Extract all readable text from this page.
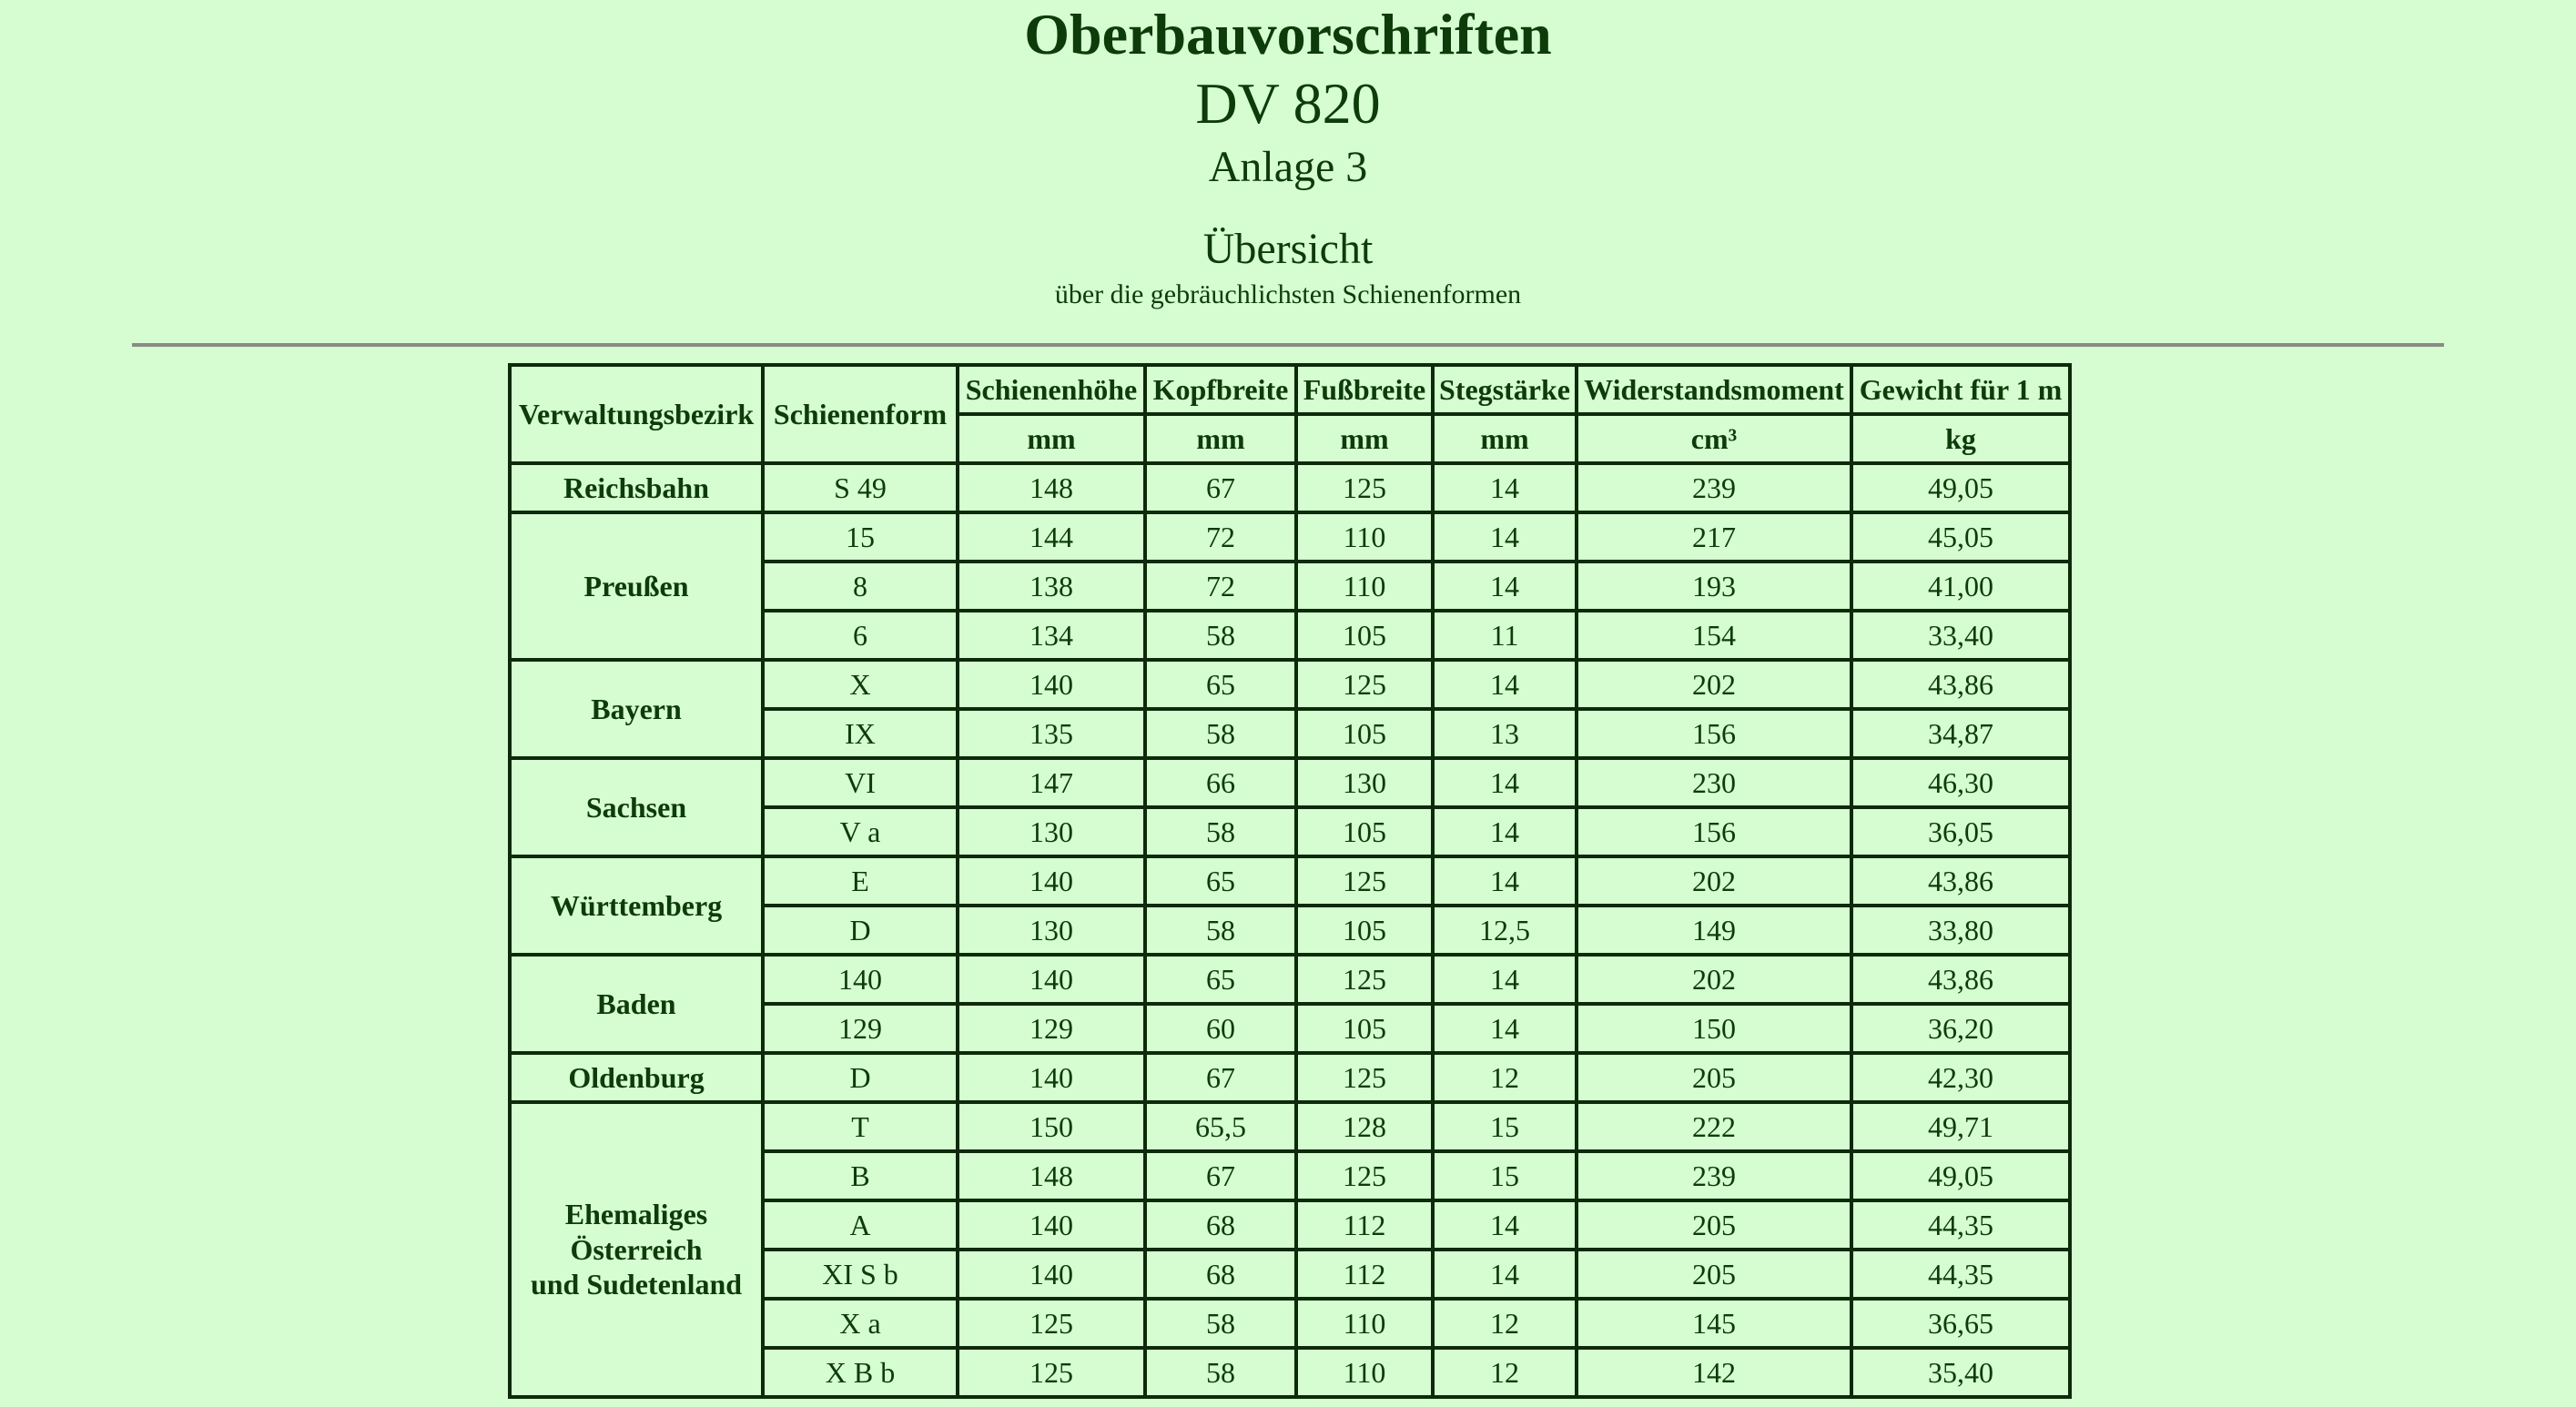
Oberbauvorschriften
DV 820
Anlage 3
Übersicht
über die gebräuchlichsten Schienenformen
Verwaltungsbezirk	Schienenform	Schienenhöhe	Kopfbreite	Fußbreite	Stegstärke	Widerstandsmoment	Gewicht für 1 m
		mm	mm	mm	mm	cm³	kg
Reichsbahn	S 49	148	67	125	14	239	49,05
Preußen	15	144	72	110	14	217	45,05
	8	138	72	110	14	193	41,00
	6	134	58	105	11	154	33,40
Bayern	X	140	65	125	14	202	43,86
	IX	135	58	105	13	156	34,87
Sachsen	VI	147	66	130	14	230	46,30
	V a	130	58	105	14	156	36,05
Württemberg	E	140	65	125	14	202	43,86
	D	130	58	105	12,5	149	33,80
Baden	140	140	65	125	14	202	43,86
	129	129	60	105	14	150	36,20
Oldenburg	D	140	67	125	12	205	42,30
Ehemaliges
Österreich
und Sudetenland	T	150	65,5	128	15	222	49,71
	B	148	67	125	15	239	49,05
	A	140	68	112	14	205	44,35
	XI S b	140	68	112	14	205	44,35
	X a	125	58	110	12	145	36,65
	X B b	125	58	110	12	142	35,40
